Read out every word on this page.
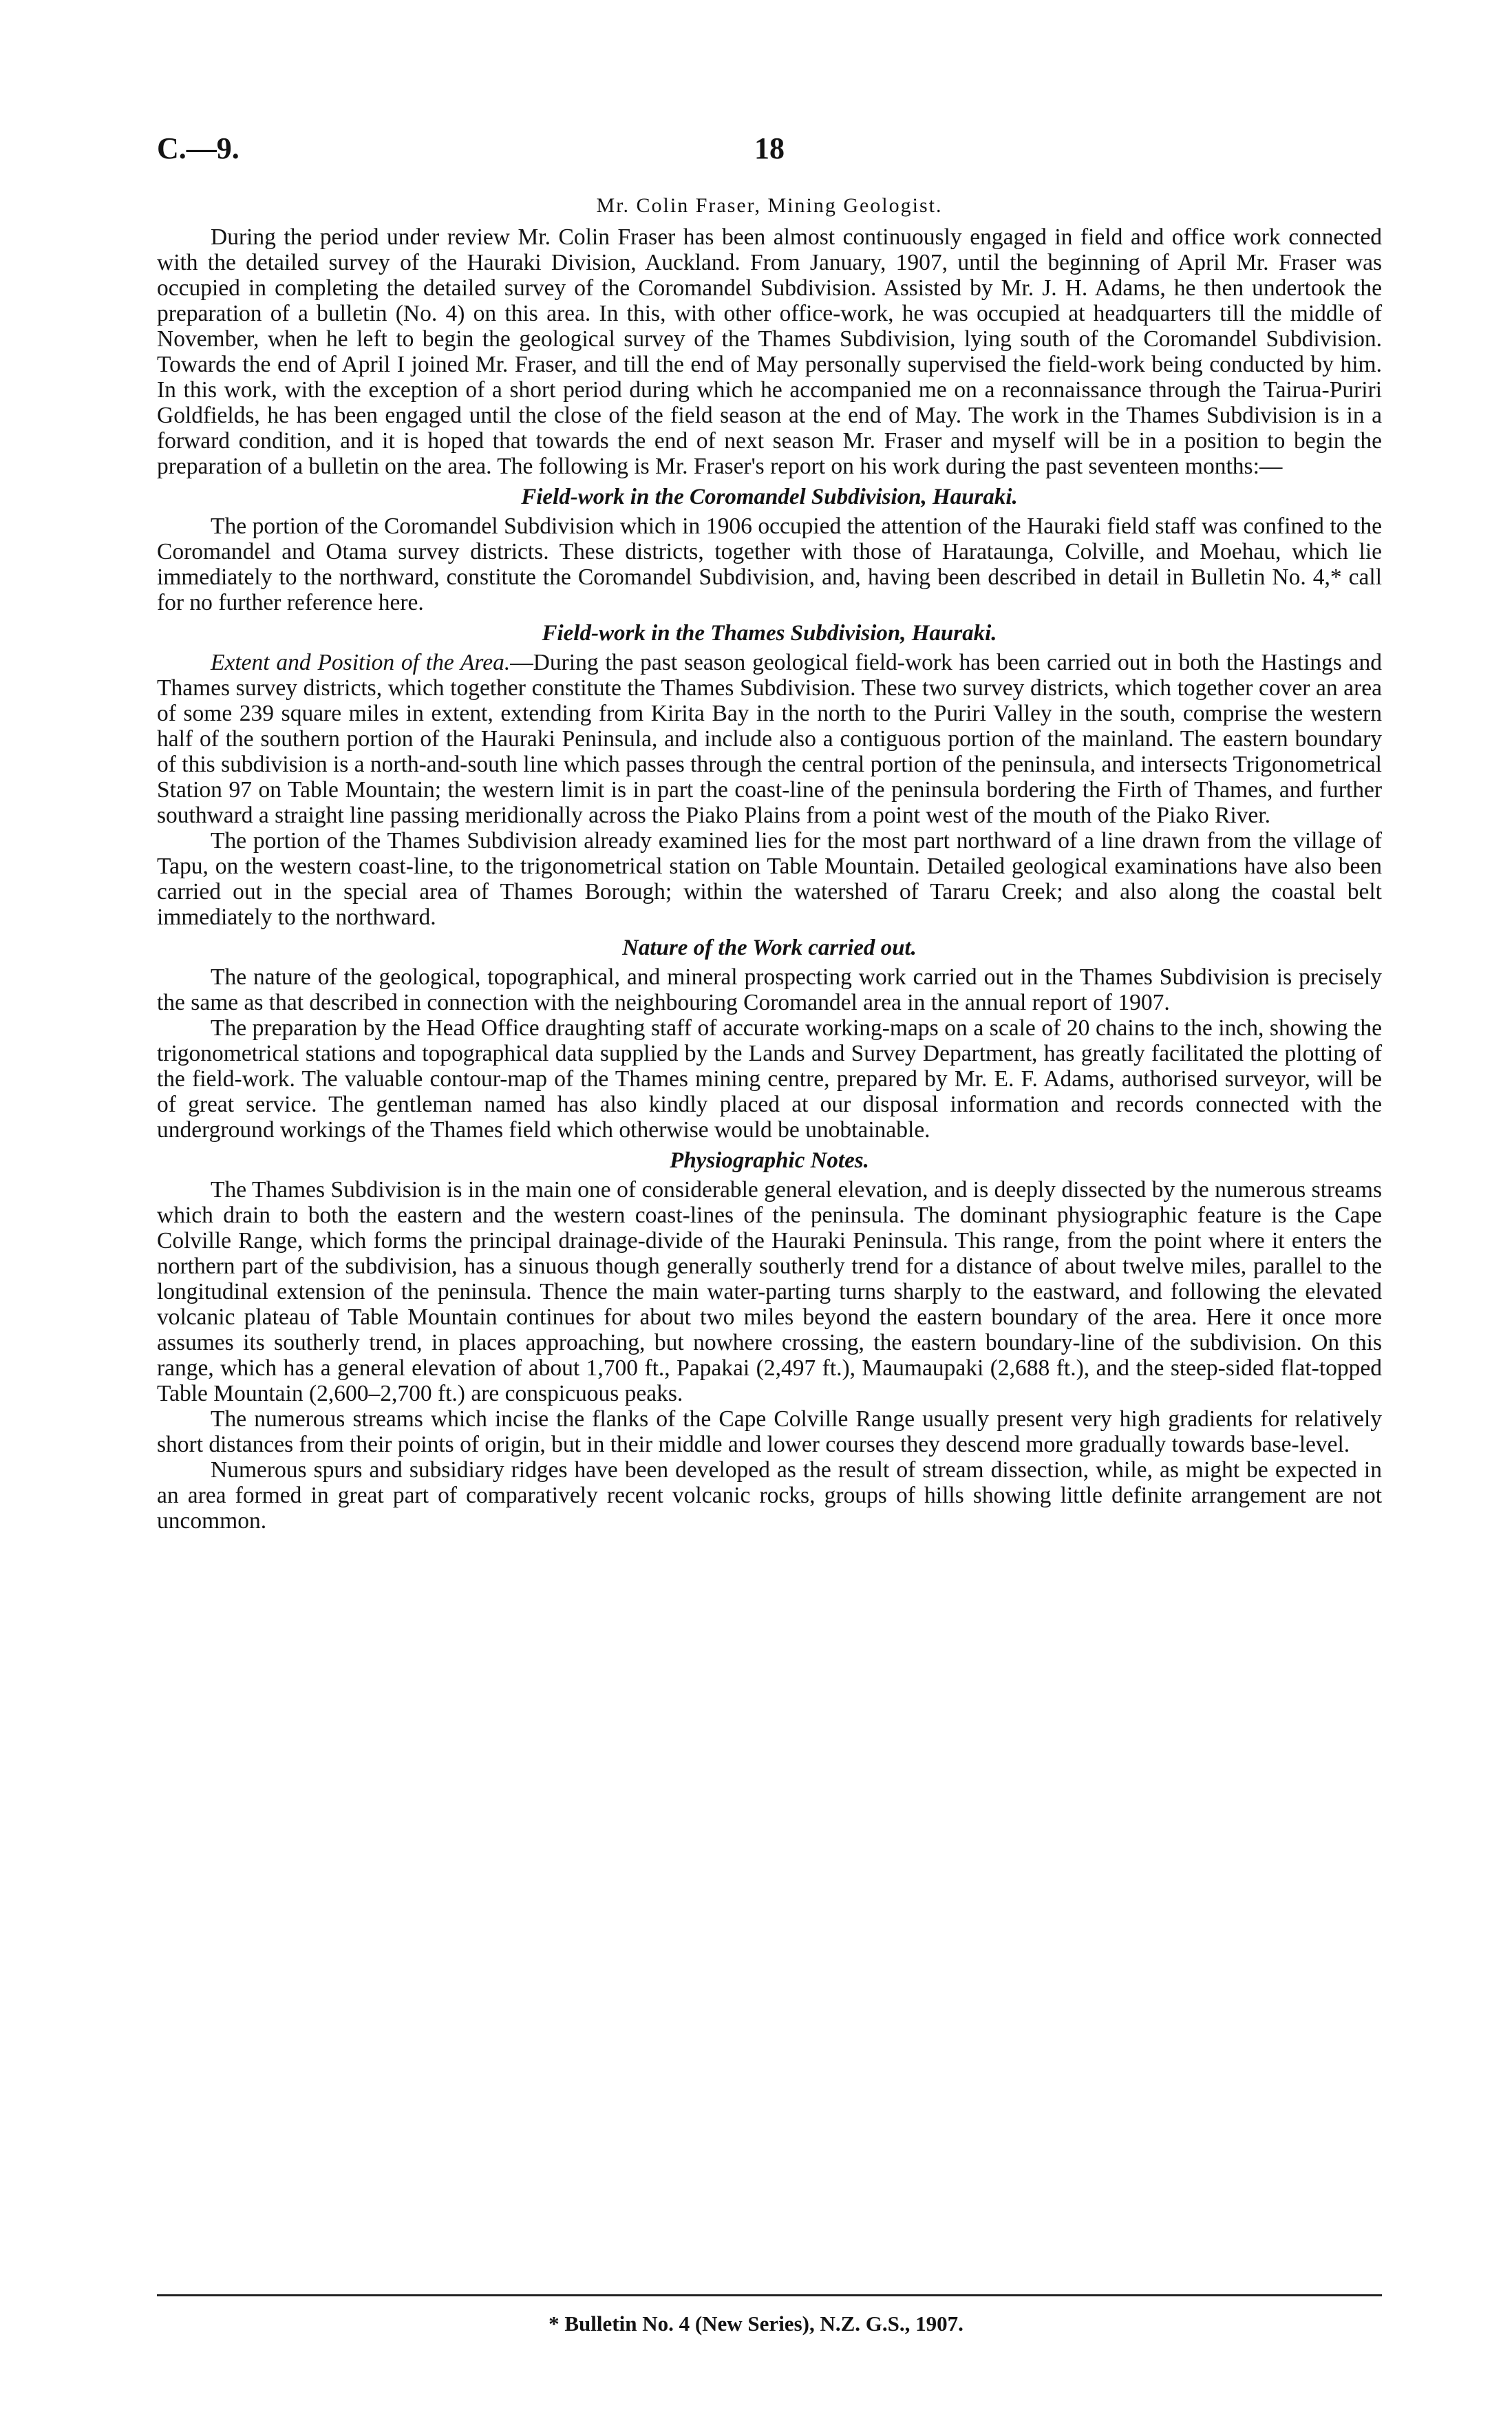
C.—9.	18
Mr. Colin Fraser, Mining Geologist.

During the period under review Mr. Colin Fraser has been almost continuously engaged in field and office work connected with the detailed survey of the Hauraki Division, Auckland. From January, 1907, until the beginning of April Mr. Fraser was occupied in completing the detailed survey of the Coromandel Subdivision. Assisted by Mr. J. H. Adams, he then undertook the preparation of a bulletin (No. 4) on this area. In this, with other office-work, he was occupied at headquarters till the middle of November, when he left to begin the geological survey of the Thames Subdivision, lying south of the Coromandel Subdivision. Towards the end of April I joined Mr. Fraser, and till the end of May personally supervised the field-work being conducted by him. In this work, with the exception of a short period during which he accompanied me on a reconnaissance through the Tairua-Puriri Goldfields, he has been engaged until the close of the field season at the end of May. The work in the Thames Subdivision is in a forward condition, and it is hoped that towards the end of next season Mr. Fraser and myself will be in a position to begin the preparation of a bulletin on the area. The following is Mr. Fraser's report on his work during the past seventeen months:—

Field-work in the Coromandel Subdivision, Hauraki.

The portion of the Coromandel Subdivision which in 1906 occupied the attention of the Hauraki field staff was confined to the Coromandel and Otama survey districts. These districts, together with those of Harataunga, Colville, and Moehau, which lie immediately to the northward, constitute the Coromandel Subdivision, and, having been described in detail in Bulletin No. 4,* call for no further reference here.

Field-work in the Thames Subdivision, Hauraki.

Extent and Position of the Area.—During the past season geological field-work has been carried out in both the Hastings and Thames survey districts, which together constitute the Thames Subdivision. These two survey districts, which together cover an area of some 239 square miles in extent, extending from Kirita Bay in the north to the Puriri Valley in the south, comprise the western half of the southern portion of the Hauraki Peninsula, and include also a contiguous portion of the mainland. The eastern boundary of this subdivision is a north-and-south line which passes through the central portion of the peninsula, and intersects Trigonometrical Station 97 on Table Mountain; the western limit is in part the coast-line of the peninsula bordering the Firth of Thames, and further southward a straight line passing meridionally across the Piako Plains from a point west of the mouth of the Piako River.

The portion of the Thames Subdivision already examined lies for the most part northward of a line drawn from the village of Tapu, on the western coast-line, to the trigonometrical station on Table Mountain. Detailed geological examinations have also been carried out in the special area of Thames Borough; within the watershed of Tararu Creek; and also along the coastal belt immediately to the northward.

Nature of the Work carried out.

The nature of the geological, topographical, and mineral prospecting work carried out in the Thames Subdivision is precisely the same as that described in connection with the neighbouring Coromandel area in the annual report of 1907.

The preparation by the Head Office draughting staff of accurate working-maps on a scale of 20 chains to the inch, showing the trigonometrical stations and topographical data supplied by the Lands and Survey Department, has greatly facilitated the plotting of the field-work. The valuable contour-map of the Thames mining centre, prepared by Mr. E. F. Adams, authorised surveyor, will be of great service. The gentleman named has also kindly placed at our disposal information and records connected with the underground workings of the Thames field which otherwise would be unobtainable.

Physiographic Notes.

The Thames Subdivision is in the main one of considerable general elevation, and is deeply dissected by the numerous streams which drain to both the eastern and the western coast-lines of the peninsula. The dominant physiographic feature is the Cape Colville Range, which forms the principal drainage-divide of the Hauraki Peninsula. This range, from the point where it enters the northern part of the subdivision, has a sinuous though generally southerly trend for a distance of about twelve miles, parallel to the longitudinal extension of the peninsula. Thence the main water-parting turns sharply to the eastward, and following the elevated volcanic plateau of Table Mountain continues for about two miles beyond the eastern boundary of the area. Here it once more assumes its southerly trend, in places approaching, but nowhere crossing, the eastern boundary-line of the subdivision. On this range, which has a general elevation of about 1,700 ft., Papakai (2,497 ft.), Maumaupaki (2,688 ft.), and the steep-sided flat-topped Table Mountain (2,600–2,700 ft.) are conspicuous peaks.

The numerous streams which incise the flanks of the Cape Colville Range usually present very high gradients for relatively short distances from their points of origin, but in their middle and lower courses they descend more gradually towards base-level.

Numerous spurs and subsidiary ridges have been developed as the result of stream dissection, while, as might be expected in an area formed in great part of comparatively recent volcanic rocks, groups of hills showing little definite arrangement are not uncommon.

* Bulletin No. 4 (New Series), N.Z. G.S., 1907.
